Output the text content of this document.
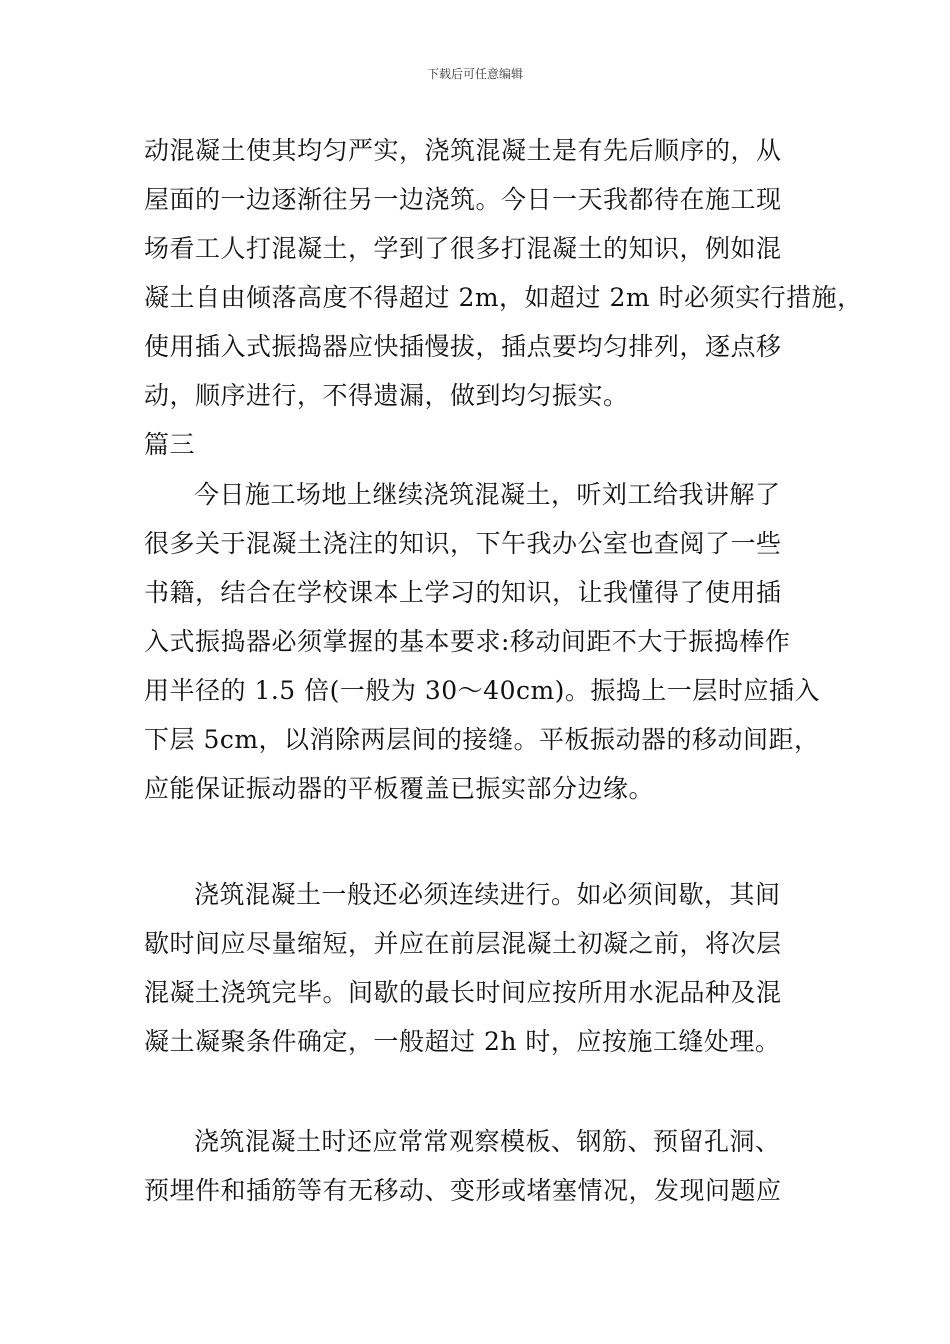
下载后可任意编辑
动混凝土使其均匀严实，浇筑混凝土是有先后顺序的，从
屋面的一边逐渐往另一边浇筑。今日一天我都待在施工现
场看工人打混凝土，学到了很多打混凝土的知识，例如混
凝土自由倾落高度不得超过 2m，如超过 2m 时必须实行措施，
使用插入式振捣器应快插慢拔，插点要均匀排列，逐点移
动，顺序进行，不得遗漏，做到均匀振实。
篇三
今日施工场地上继续浇筑混凝土，听刘工给我讲解了
很多关于混凝土浇注的知识，下午我办公室也查阅了一些
书籍，结合在学校课本上学习的知识，让我懂得了使用插
入式振捣器必须掌握的基本要求:移动间距不大于振捣棒作
用半径的 1.5 倍(一般为 30～40cm)。振捣上一层时应插入
下层 5cm，以消除两层间的接缝。平板振动器的移动间距，
应能保证振动器的平板覆盖已振实部分边缘。
浇筑混凝土一般还必须连续进行。如必须间歇，其间
歇时间应尽量缩短，并应在前层混凝土初凝之前，将次层
混凝土浇筑完毕。间歇的最长时间应按所用水泥品种及混
凝土凝聚条件确定，一般超过 2h 时，应按施工缝处理。
浇筑混凝土时还应常常观察模板、钢筋、预留孔洞、
预埋件和插筋等有无移动、变形或堵塞情况，发现问题应
